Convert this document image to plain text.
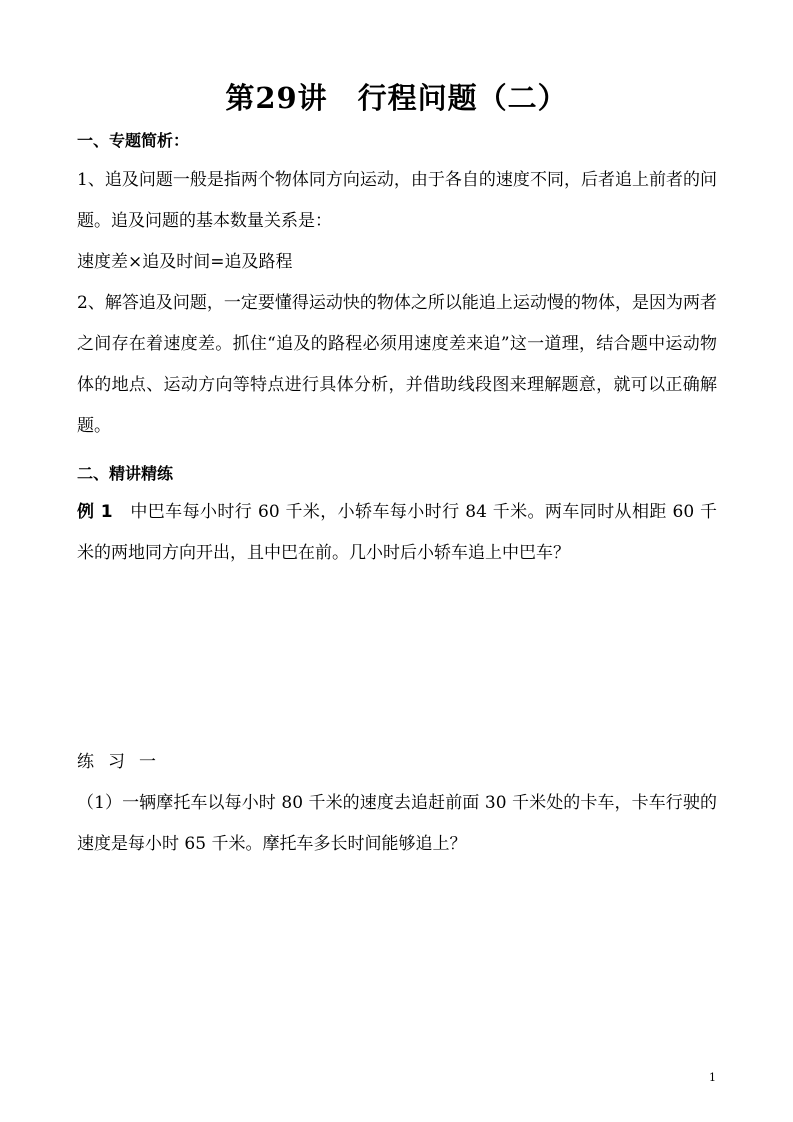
第29讲　行程问题（二）
一、专题简析：
1、追及问题一般是指两个物体同方向运动，由于各自的速度不同，后者追上前者的问题。追及问题的基本数量关系是：
速度差×追及时间=追及路程
2、解答追及问题，一定要懂得运动快的物体之所以能追上运动慢的物体，是因为两者之间存在着速度差。抓住“追及的路程必须用速度差来追”这一道理，结合题中运动物体的地点、运动方向等特点进行具体分析，并借助线段图来理解题意，就可以正确解题。
二、精讲精练
例 1　中巴车每小时行 60 千米，小轿车每小时行 84 千米。两车同时从相距 60 千米的两地同方向开出，且中巴在前。几小时后小轿车追上中巴车？
练习一
（1）一辆摩托车以每小时 80 千米的速度去追赶前面 30 千米处的卡车，卡车行驶的速度是每小时 65 千米。摩托车多长时间能够追上？
1
